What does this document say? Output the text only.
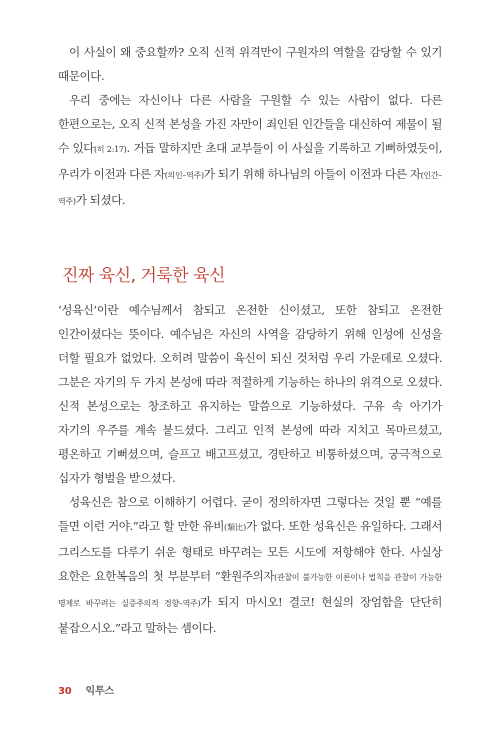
이 사실이 왜 중요할까? 오직 신적 위격만이 구원자의 역할을 감당할 수 있기 때문이다.

우리 중에는 자신이나 다른 사람을 구원할 수 있는 사람이 없다. 다른 한편으로는, 오직 신적 본성을 가진 자만이 죄인된 인간들을 대신하여 제물이 될 수 있다(히 2:17). 거듭 말하지만 초대 교부들이 이 사실을 기록하고 기뻐하였듯이, 우리가 이전과 다른 자(의인–역주)가 되기 위해 하나님의 아들이 이전과 다른 자(인간–역주)가 되셨다.

진짜 육신, 거룩한 육신

‘성육신’이란 예수님께서 참되고 온전한 신이셨고, 또한 참되고 온전한 인간이셨다는 뜻이다. 예수님은 자신의 사역을 감당하기 위해 인성에 신성을 더할 필요가 없었다. 오히려 말씀이 육신이 되신 것처럼 우리 가운데로 오셨다. 그분은 자기의 두 가지 본성에 따라 적절하게 기능하는 하나의 위격으로 오셨다. 신적 본성으로는 창조하고 유지하는 말씀으로 기능하셨다. 구유 속 아기가 자기의 우주를 계속 붙드셨다. 그리고 인적 본성에 따라 지치고 목마르셨고, 평온하고 기뻐셨으며, 슬프고 배고프셨고, 경탄하고 비통하셨으며, 궁극적으로 십자가 형벌을 받으셨다.

성육신은 참으로 이해하기 어렵다. 굳이 정의하자면 그렇다는 것일 뿐 “예를 들면 이런 거야.”라고 할 만한 유비(類比)가 없다. 또한 성육신은 유일하다. 그래서 그리스도를 다루기 쉬운 형태로 바꾸려는 모든 시도에 저항해야 한다. 사실상 요한은 요한복음의 첫 부분부터 “환원주의자(관찰이 불가능한 이론이나 법칙을 관찰이 가능한 명제로 바꾸려는 실증주의적 경향–역주)가 되지 마시오! 결코! 현실의 장엄함을 단단히 붙잡으시오.”라고 말하는 셈이다.

30 익투스
